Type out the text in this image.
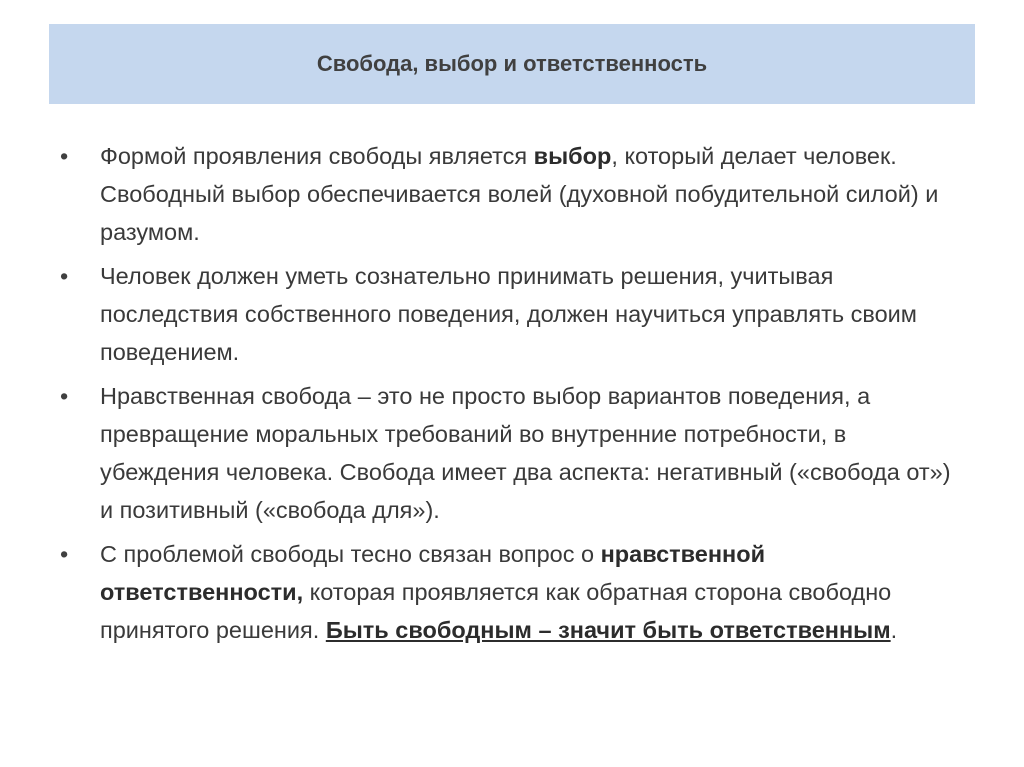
Свобода, выбор и ответственность
•	Формой проявления свободы является выбор, который делает человек. Свободный выбор обеспечивается волей (духовной побудительной силой) и разумом.
•	Человек должен уметь сознательно принимать решения, учитывая последствия собственного поведения, должен научиться управлять своим поведением.
•	Нравственная свобода – это не просто выбор вариантов поведения, а превращение моральных требований во внутренние потребности, в убеждения человека. Свобода имеет два аспекта: негативный («свобода от») и позитивный («свобода для»).
•	С проблемой свободы тесно связан вопрос о нравственной ответственности, которая проявляется как обратная сторона свободно принятого решения. Быть свободным – значит быть ответственным.
